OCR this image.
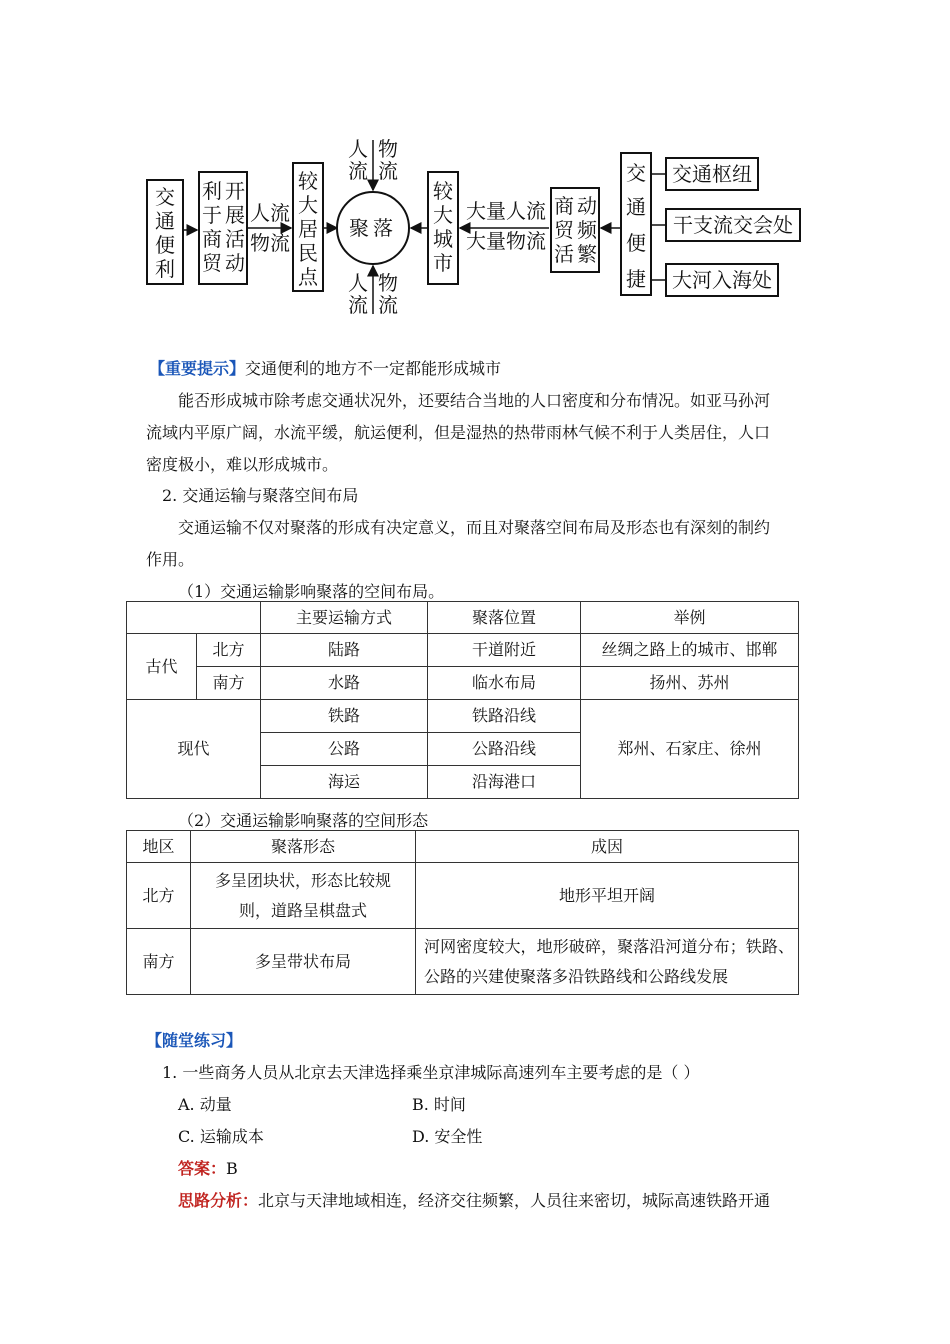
交
通
便
利
利 开
于 展
商 活
贸 动
人流
物流
较
大
居
民
点
聚落
人
流
物
流
人
流
物
流
较
大
城
市
大量人流
大量物流
商 动
贸 频
活 繁
交
通
便
捷
交通枢纽
干支流交会处
大河入海处
【重要提示】交通便利的地方不一定都能形成城市
能否形成城市除考虑交通状况外，还要结合当地的人口密度和分布情况。如亚马孙河
流域内平原广阔，水流平缓，航运便利，但是湿热的热带雨林气候不利于人类居住，人口
密度极小，难以形成城市。
2. 交通运输与聚落空间布局
交通运输不仅对聚落的形成有决定意义，而且对聚落空间布局及形态也有深刻的制约
作用。
（1）交通运输影响聚落的空间布局。
		主要运输方式	聚落位置	举例
古代	北方	陆路	干道附近	丝绸之路上的城市、邯郸
	南方	水路	临水布局	扬州、苏州
现代		铁路	铁路沿线	郑州、石家庄、徐州
		公路	公路沿线	
		海运	沿海港口	
（2）交通运输影响聚落的空间形态
地区	聚落形态	成因
北方	多呈团块状，形态比较规则，道路呈棋盘式	地形平坦开阔
南方	多呈带状布局	河网密度较大，地形破碎，聚落沿河道分布；铁路、公路的兴建使聚落多沿铁路线和公路线发展
【随堂练习】
1. 一些商务人员从北京去天津选择乘坐京津城际高速列车主要考虑的是（ ）
A. 动量	B. 时间
C. 运输成本	D. 安全性
答案：B
思路分析：北京与天津地域相连，经济交往频繁，人员往来密切，城际高速铁路开通
